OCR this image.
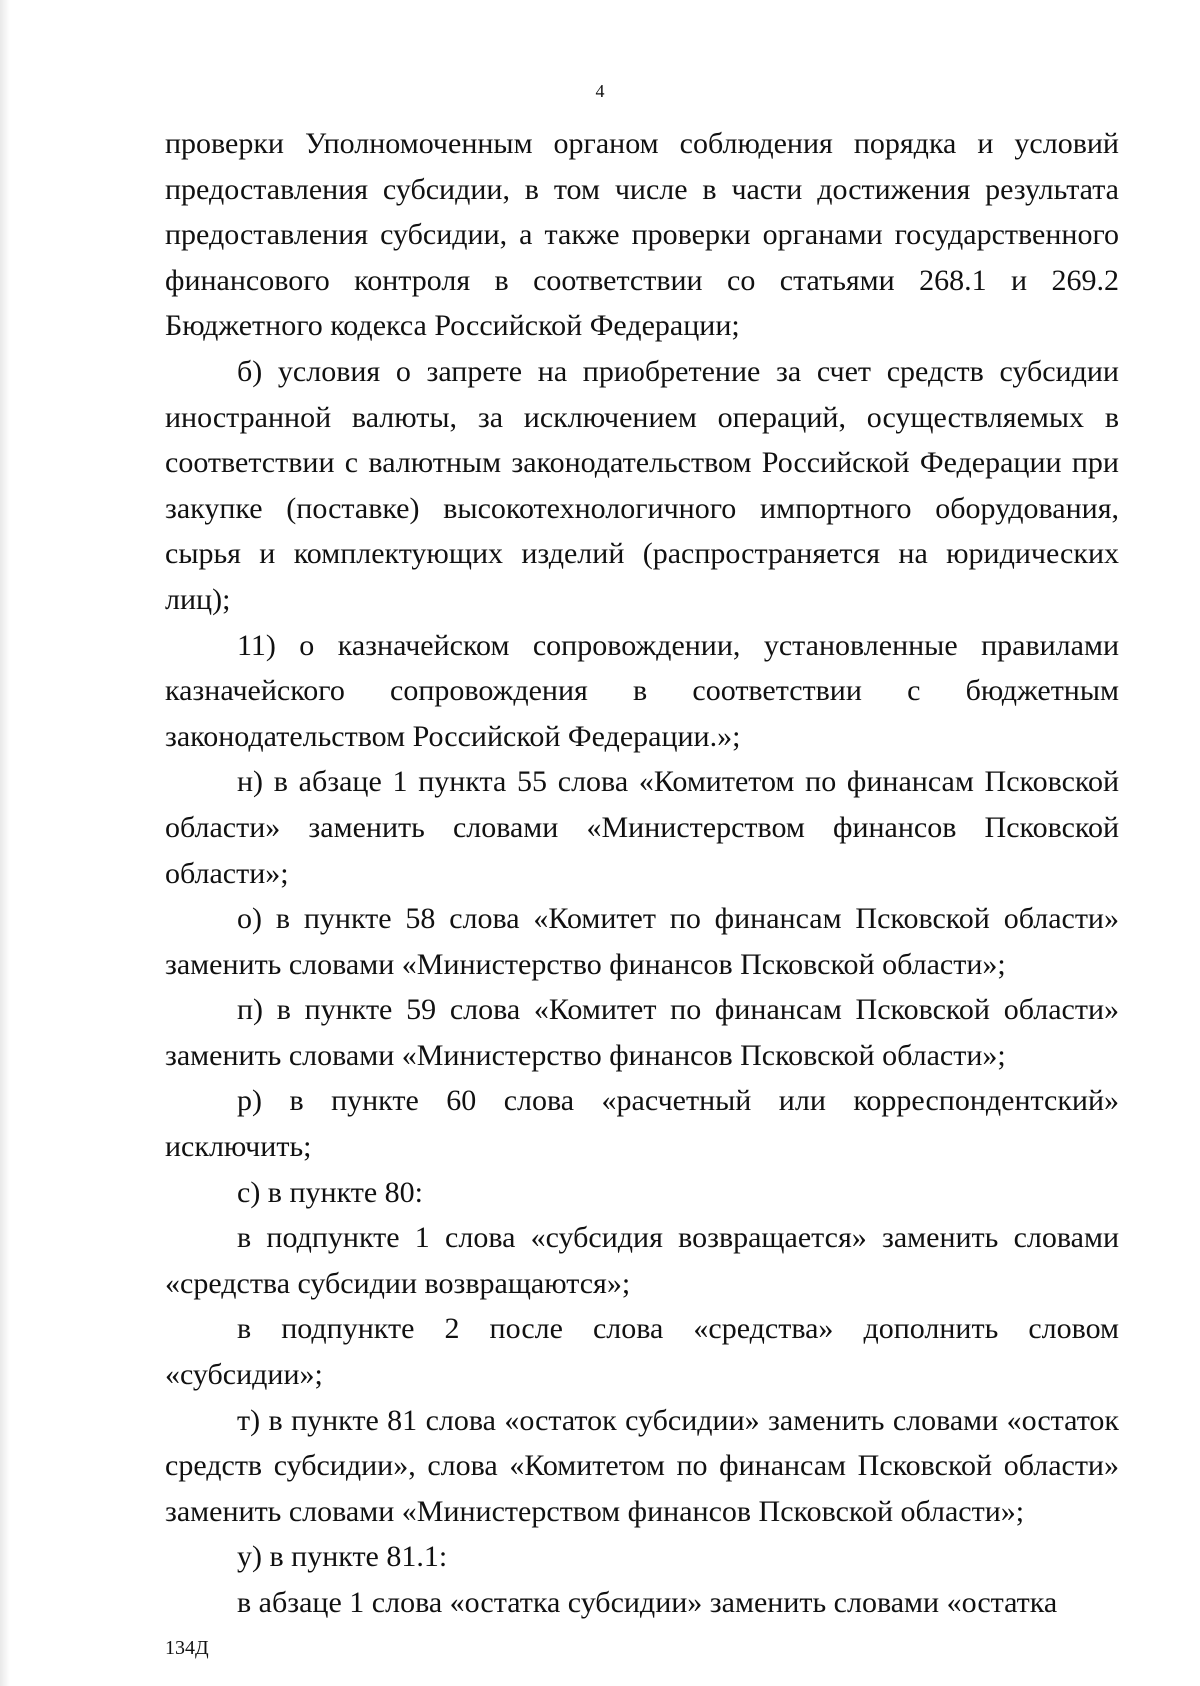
4

проверки Уполномоченным органом соблюдения порядка и условий предоставления субсидии, в том числе в части достижения результата предоставления субсидии, а также проверки органами государственного финансового контроля в соответствии со статьями 268.1 и 269.2 Бюджетного кодекса Российской Федерации;

б) условия о запрете на приобретение за счет средств субсидии иностранной валюты, за исключением операций, осуществляемых в соответствии с валютным законодательством Российской Федерации при закупке (поставке) высокотехнологичного импортного оборудования, сырья и комплектующих изделий (распространяется на юридических лиц);

11) о казначейском сопровождении, установленные правилами казначейского сопровождения в соответствии с бюджетным законодательством Российской Федерации.»;

н) в абзаце 1 пункта 55 слова «Комитетом по финансам Псковской области» заменить словами «Министерством финансов Псковской области»;

о) в пункте 58 слова «Комитет по финансам Псковской области» заменить словами «Министерство финансов Псковской области»;

п) в пункте 59 слова «Комитет по финансам Псковской области» заменить словами «Министерство финансов Псковской области»;

р) в пункте 60 слова «расчетный или корреспондентский» исключить;

с) в пункте 80:

в подпункте 1 слова «субсидия возвращается» заменить словами «средства субсидии возвращаются»;

в подпункте 2 после слова «средства» дополнить словом «субсидии»;

т) в пункте 81 слова «остаток субсидии» заменить словами «остаток средств субсидии», слова «Комитетом по финансам Псковской области» заменить словами «Министерством финансов Псковской области»;

у) в пункте 81.1:

в абзаце 1 слова «остатка субсидии» заменить словами «остатка

134Д
